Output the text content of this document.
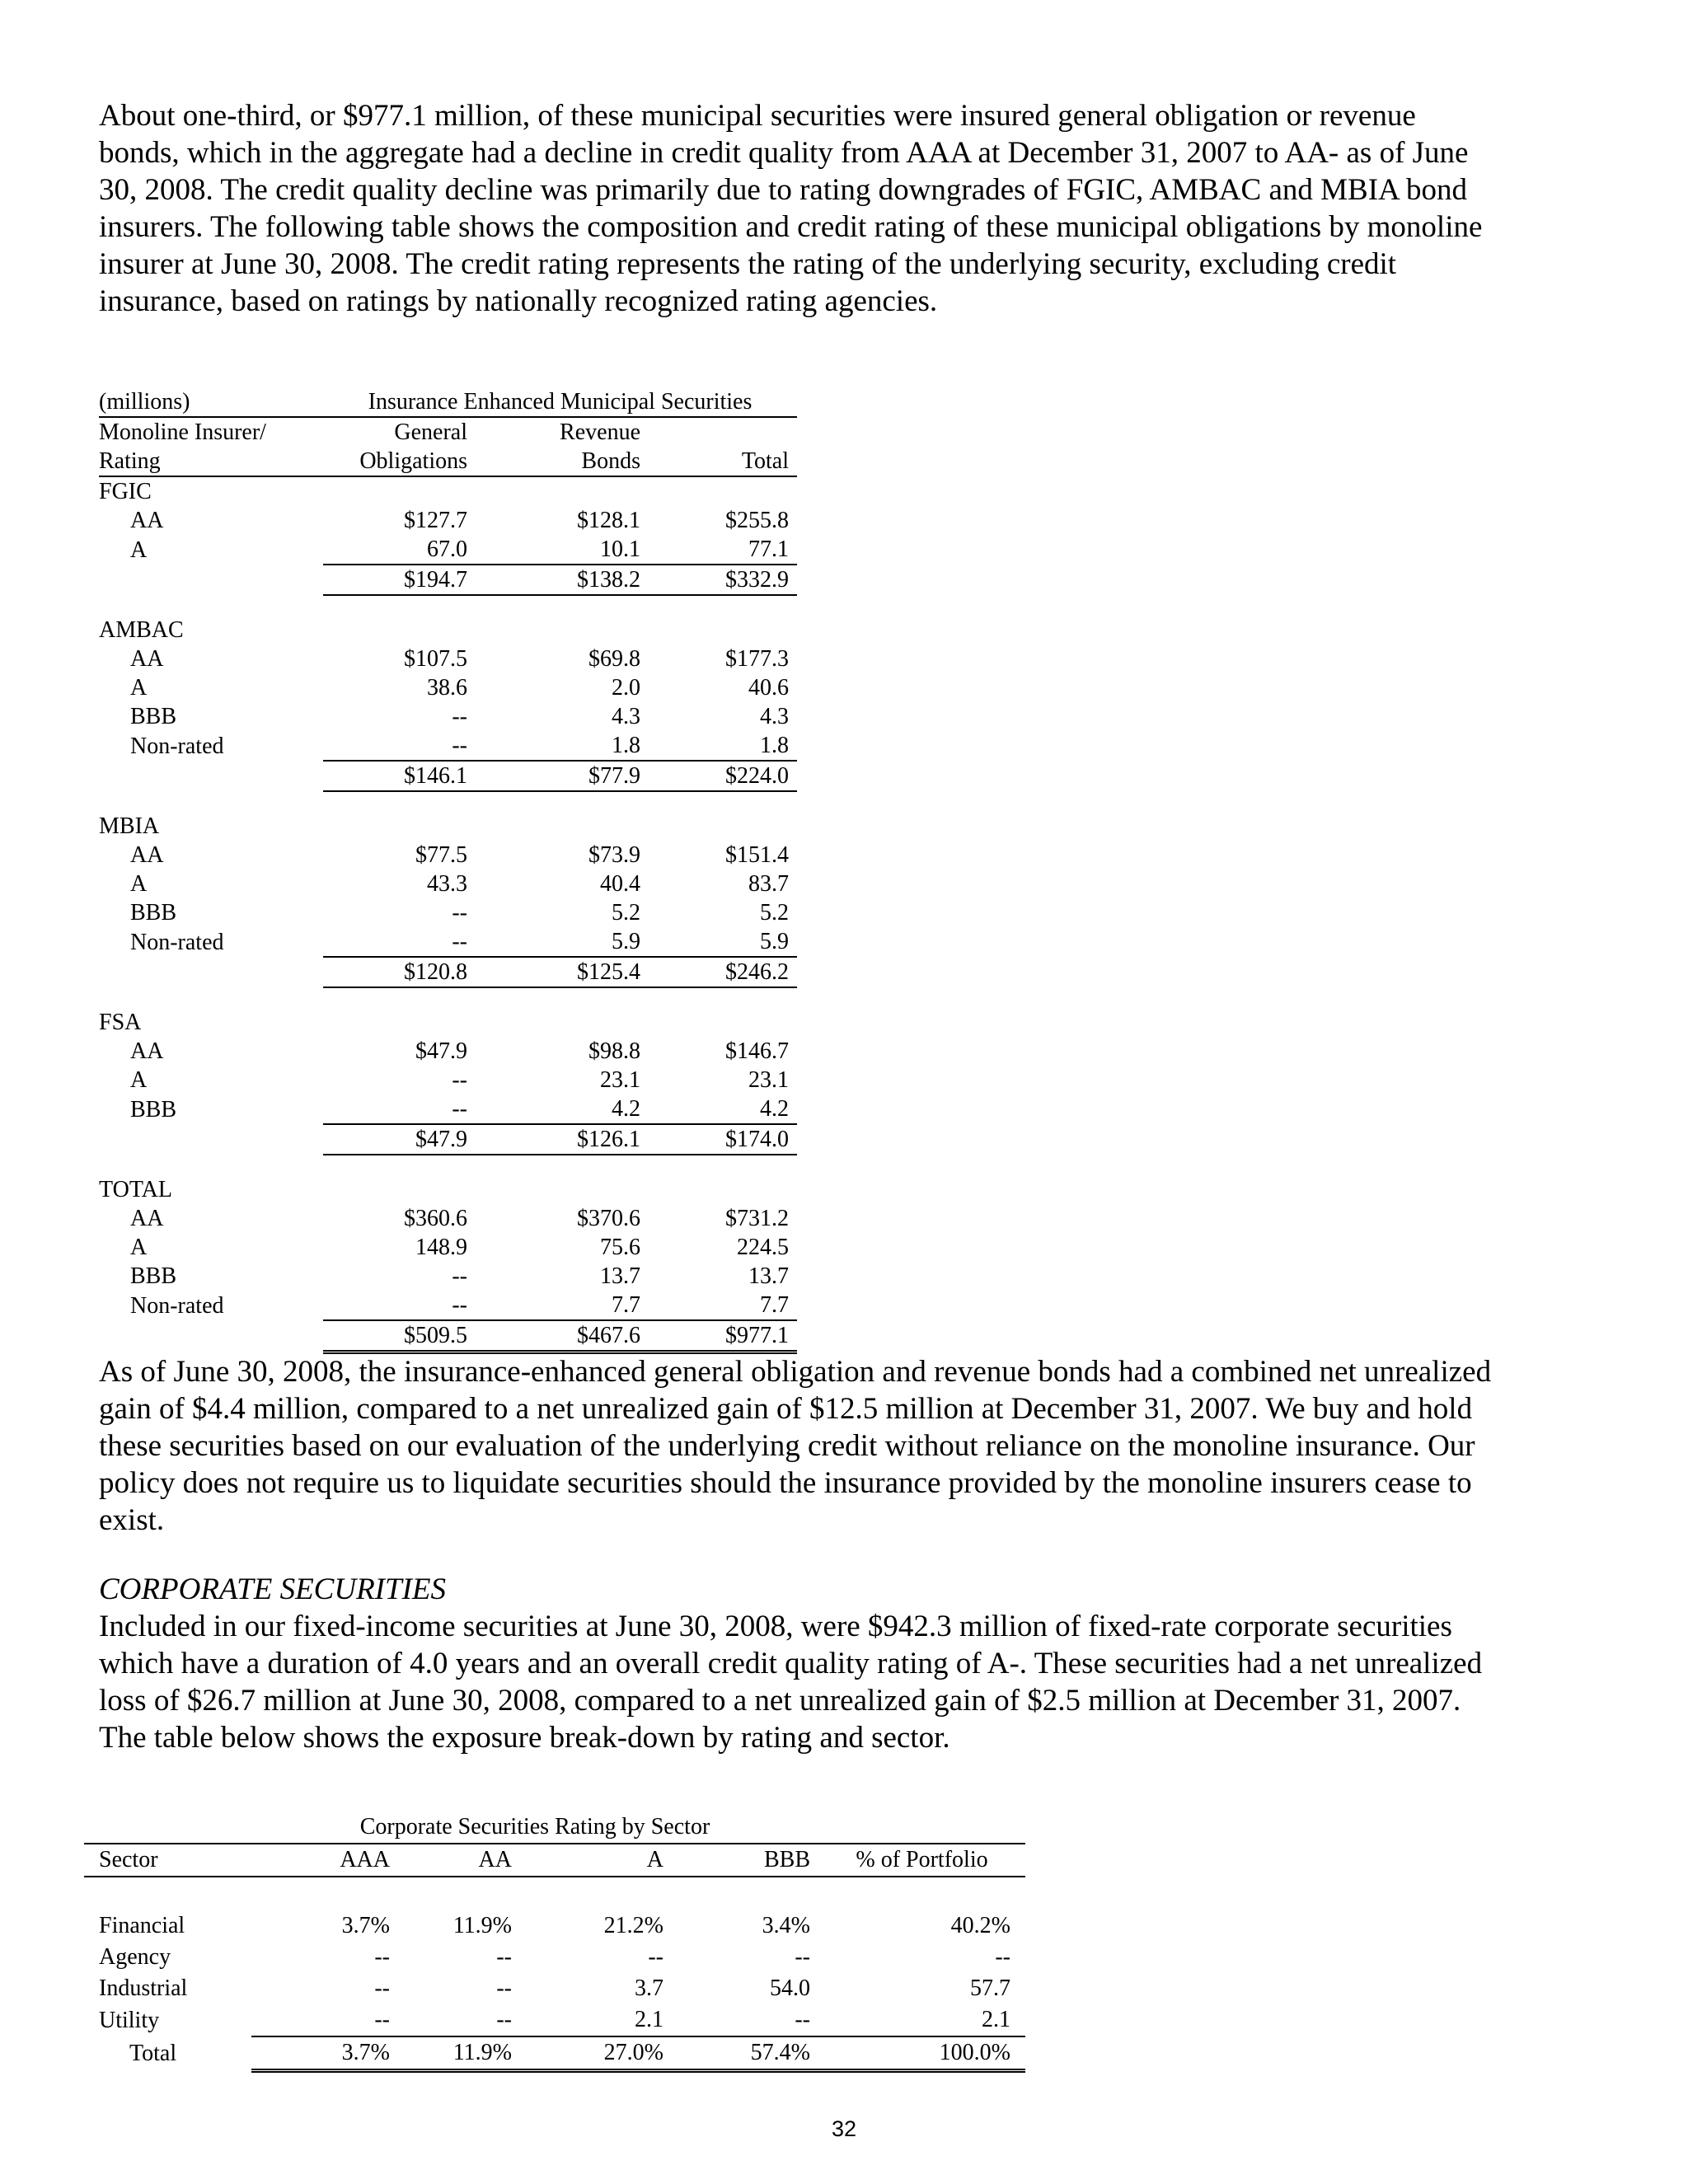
About one-third, or $977.1 million, of these municipal securities were insured general obligation or revenue bonds, which in the aggregate had a decline in credit quality from AAA at December 31, 2007 to AA- as of June 30, 2008. The credit quality decline was primarily due to rating downgrades of FGIC, AMBAC and MBIA bond insurers. The following table shows the composition and credit rating of these municipal obligations by monoline insurer at June 30, 2008. The credit rating represents the rating of the underlying security, excluding credit insurance, based on ratings by nationally recognized rating agencies.

(millions)	Insurance Enhanced Municipal Securities		
Monoline Insurer/	General	Revenue	
Rating	Obligations	Bonds	Total
FGIC			
AA	$127.7	$128.1	$255.8
A	67.0	10.1	77.1
	$194.7	$138.2	$332.9

AMBAC			
AA	$107.5	$69.8	$177.3
A	38.6	2.0	40.6
BBB	--	4.3	4.3
Non-rated	--	1.8	1.8
	$146.1	$77.9	$224.0

MBIA			
AA	$77.5	$73.9	$151.4
A	43.3	40.4	83.7
BBB	--	5.2	5.2
Non-rated	--	5.9	5.9
	$120.8	$125.4	$246.2

FSA			
AA	$47.9	$98.8	$146.7
A	--	23.1	23.1
BBB	--	4.2	4.2
	$47.9	$126.1	$174.0

TOTAL			
AA	$360.6	$370.6	$731.2
A	148.9	75.6	224.5
BBB	--	13.7	13.7
Non-rated	--	7.7	7.7
	$509.5	$467.6	$977.1

As of June 30, 2008, the insurance-enhanced general obligation and revenue bonds had a combined net unrealized gain of $4.4 million, compared to a net unrealized gain of $12.5 million at December 31, 2007. We buy and hold these securities based on our evaluation of the underlying credit without reliance on the monoline insurance. Our policy does not require us to liquidate securities should the insurance provided by the monoline insurers cease to exist.

CORPORATE SECURITIES

Included in our fixed-income securities at June 30, 2008, were $942.3 million of fixed-rate corporate securities which have a duration of 4.0 years and an overall credit quality rating of A-. These securities had a net unrealized loss of $26.7 million at June 30, 2008, compared to a net unrealized gain of $2.5 million at December 31, 2007. The table below shows the exposure break-down by rating and sector.

	Corporate Securities Rating by Sector				
Sector	AAA	AA	A	BBB	% of Portfolio

Financial	3.7%	11.9%	21.2%	3.4%	40.2%
Agency	--	--	--	--	--
Industrial	--	--	3.7	54.0	57.7
Utility	--	--	2.1	--	2.1
Total	3.7%	11.9%	27.0%	57.4%	100.0%
32
